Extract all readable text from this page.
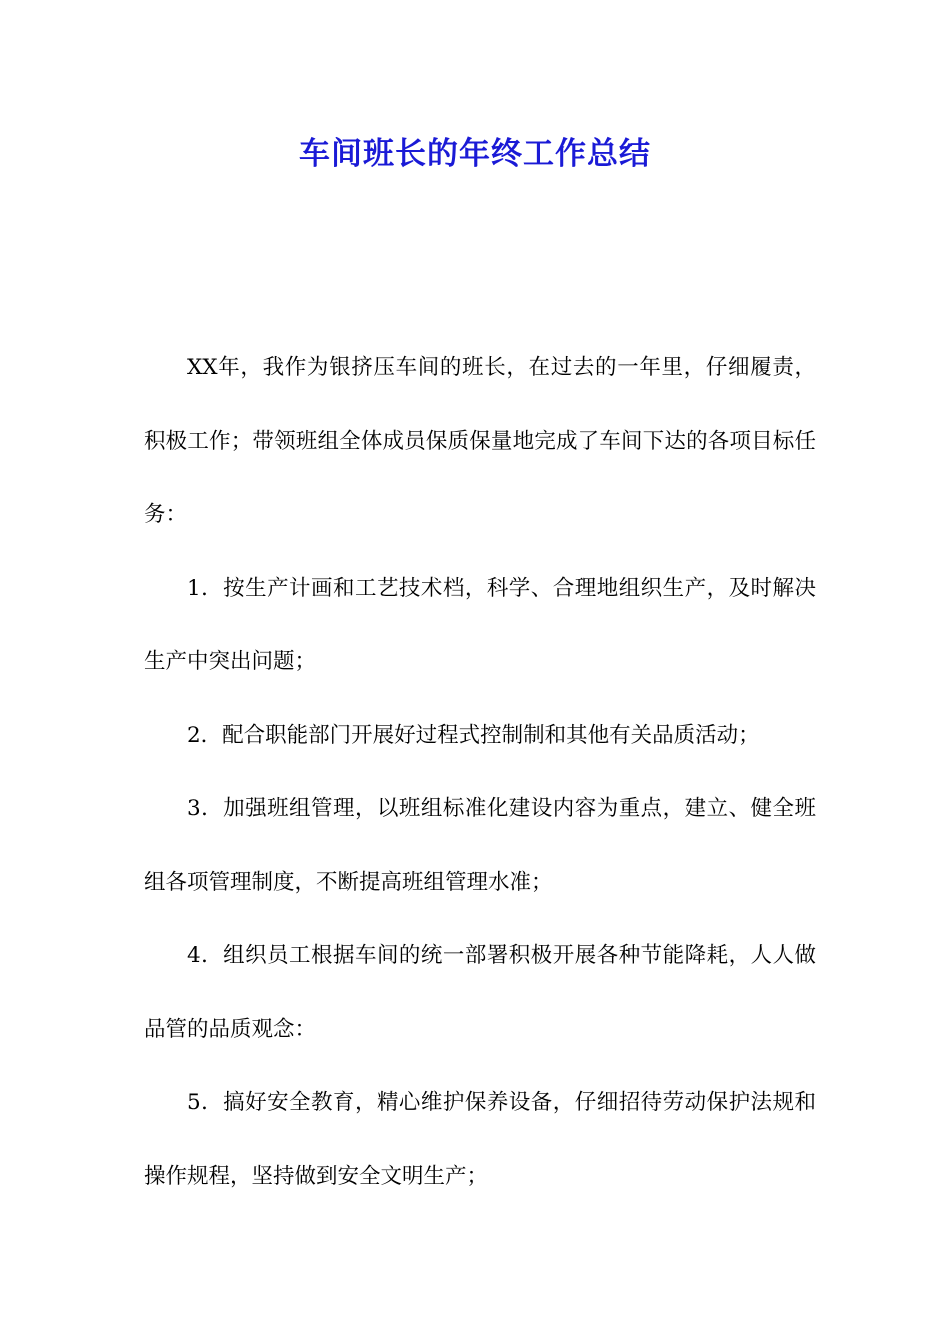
车间班长的年终工作总结

XX年，我作为银挤压车间的班长，在过去的一年里，仔细履责，积极工作；带领班组全体成员保质保量地完成了车间下达的各项目标任务：

1．按生产计画和工艺技术档，科学、合理地组织生产，及时解决生产中突出问题；

2．配合职能部门开展好过程式控制制和其他有关品质活动；

3．加强班组管理，以班组标准化建设内容为重点，建立、健全班组各项管理制度，不断提高班组管理水准；

4．组织员工根据车间的统一部署积极开展各种节能降耗，人人做品管的品质观念：

5．搞好安全教育，精心维护保养设备，仔细招待劳动保护法规和操作规程，坚持做到安全文明生产；
